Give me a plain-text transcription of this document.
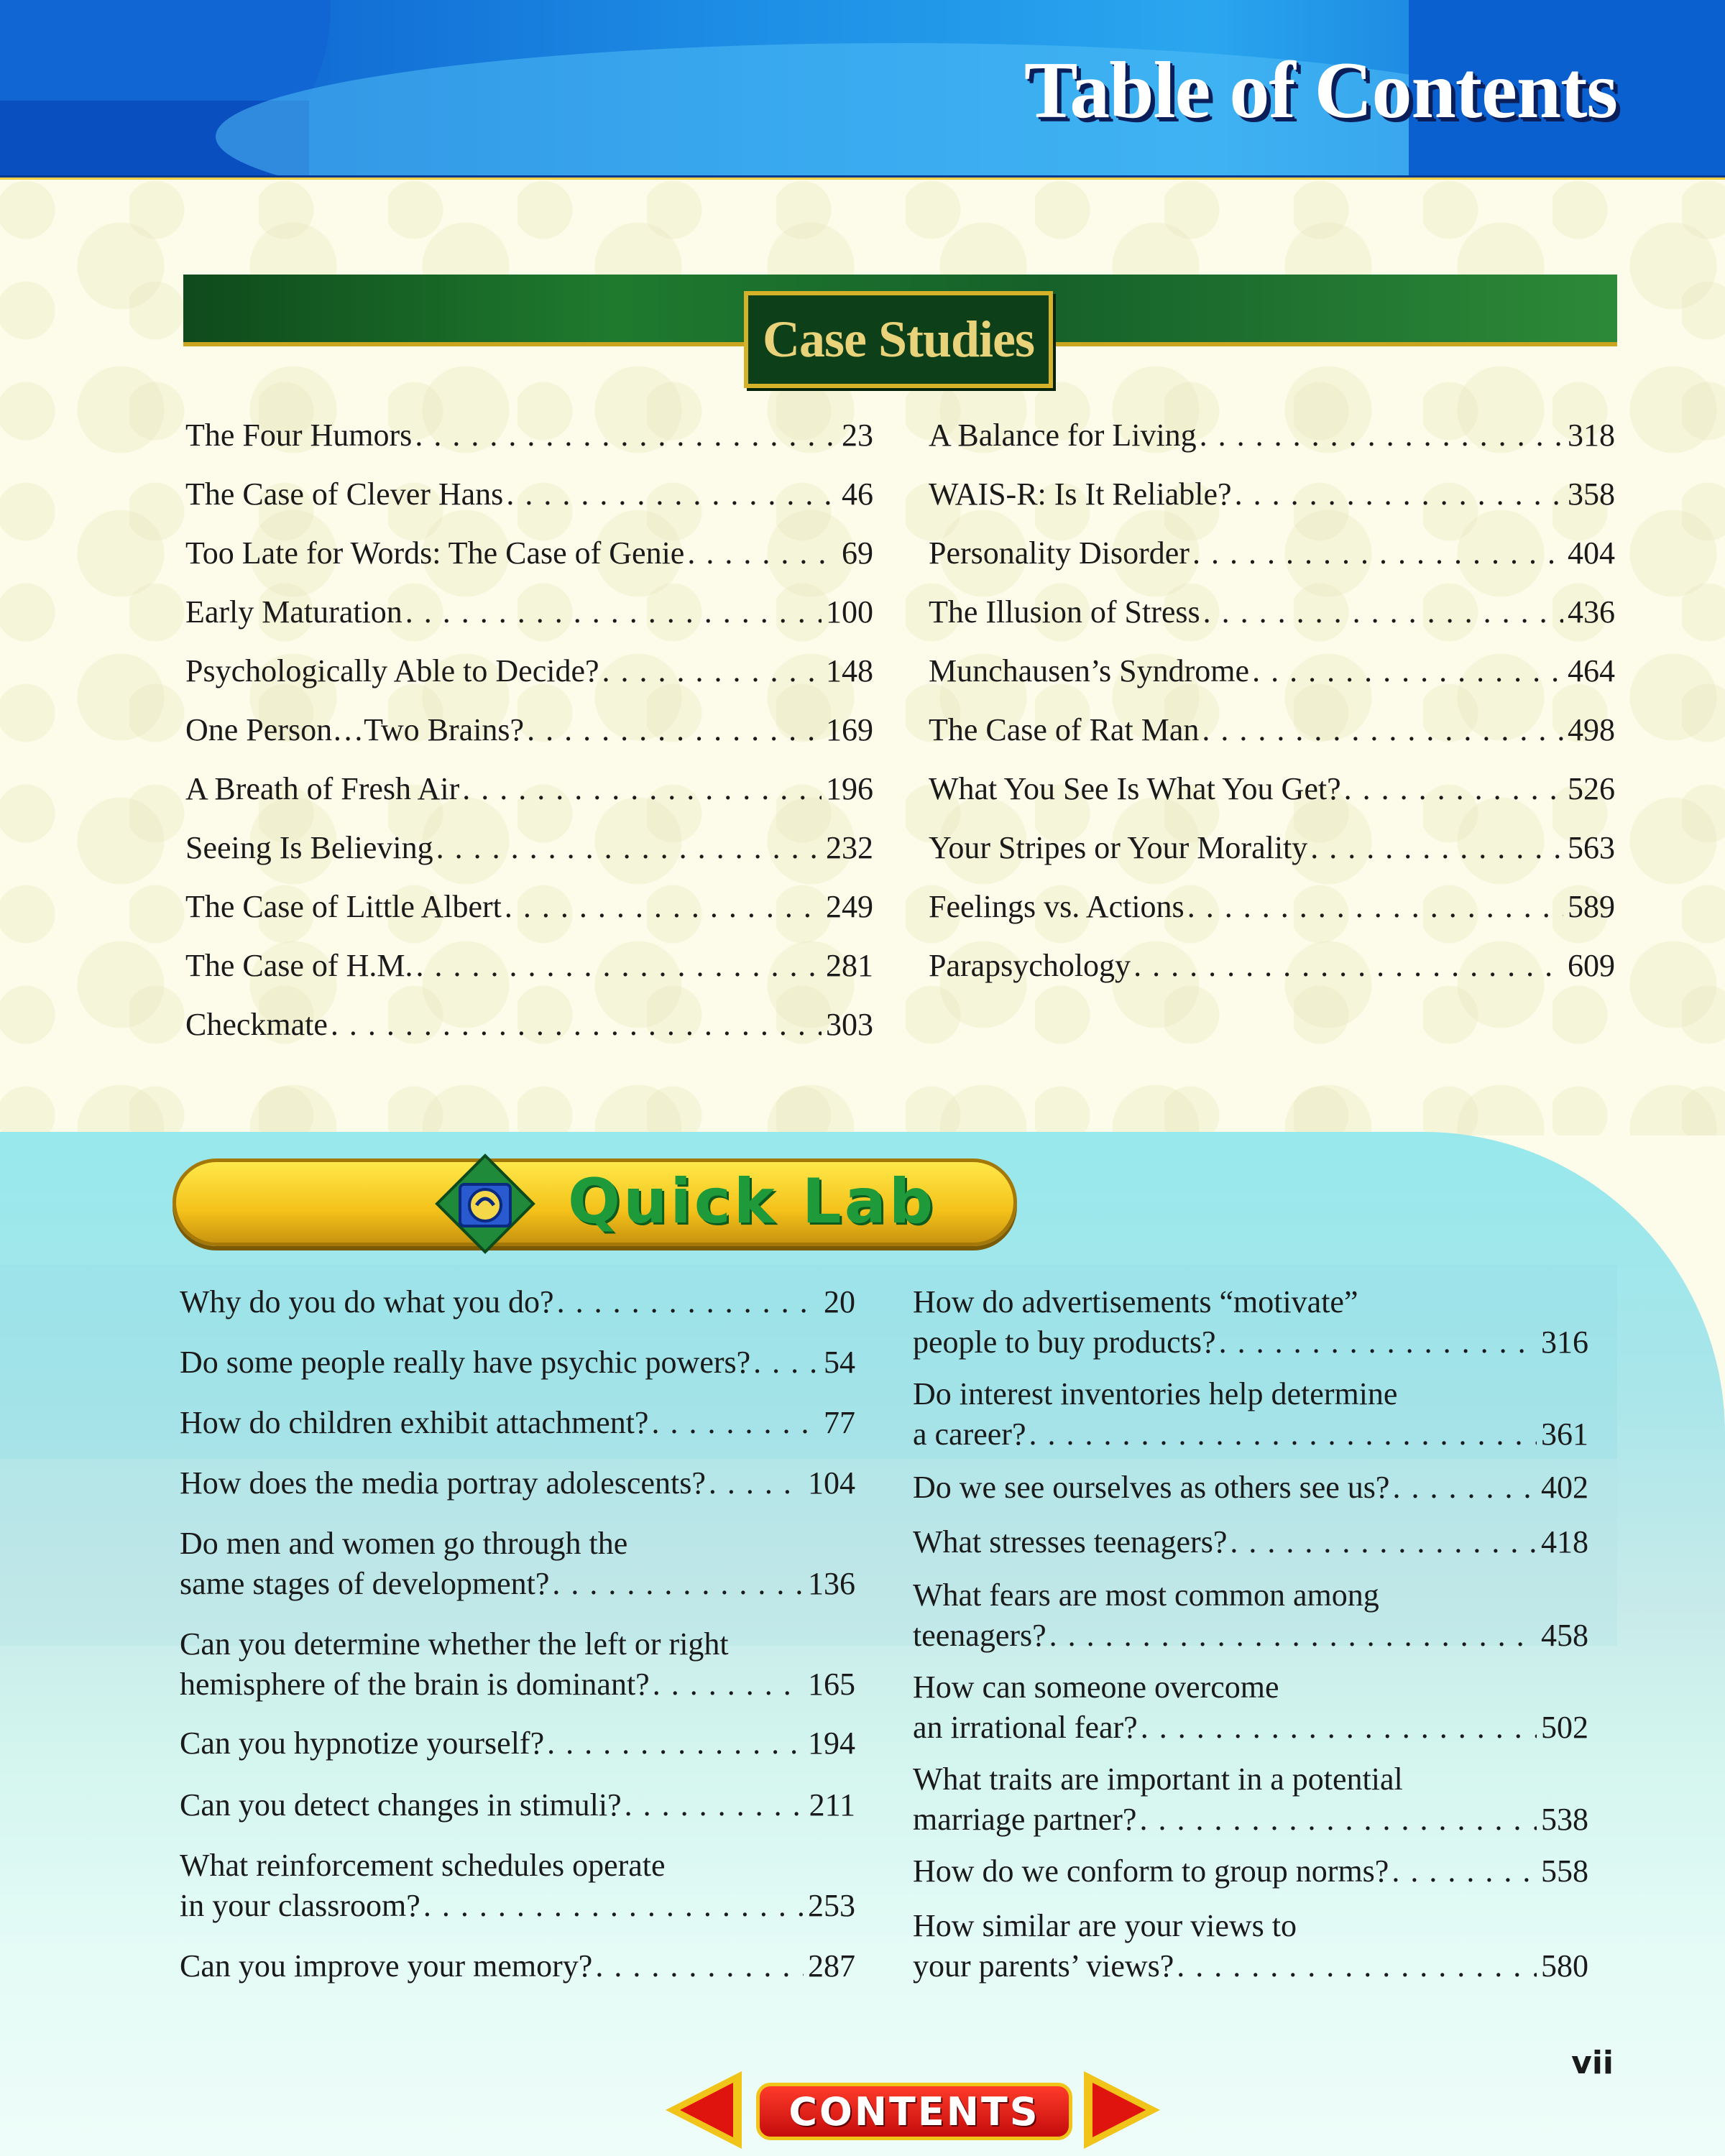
Table of Contents
Case Studies
The Four Humors . . .	23
The Case of Clever Hans . . .	46
Too Late for Words: The Case of Genie . . .	69
Early Maturation . . .	100
Psychologically Able to Decide? . . .	148
One Person…Two Brains? . . .	169
A Breath of Fresh Air . . .	196
Seeing Is Believing . . .	232
The Case of Little Albert . . .	249
The Case of H.M. . . .	281
Checkmate . . .	303
A Balance for Living . . .	318
WAIS-R: Is It Reliable? . . .	358
Personality Disorder . . .	404
The Illusion of Stress . . .	436
Munchausen’s Syndrome . . .	464
The Case of Rat Man . . .	498
What You See Is What You Get? . . .	526
Your Stripes or Your Morality . . .	563
Feelings vs. Actions . . .	589
Parapsychology . . .	609
Quick Lab
Why do you do what you do? . . .	20
Do some people really have psychic powers? . . . 54
How do children exhibit attachment? . . .	77
How does the media portray adolescents? . . .	104
Do men and women go through the
same stages of development? . . .	136
Can you determine whether the left or right
hemisphere of the brain is dominant? . . .	165
Can you hypnotize yourself? . . .	194
Can you detect changes in stimuli? . . .	211
What reinforcement schedules operate
in your classroom? . . .	253
Can you improve your memory? . . .	287
How do advertisements “motivate”
people to buy products? . . .	316
Do interest inventories help determine
a career? . . .	361
Do we see ourselves as others see us? . . .	402
What stresses teenagers? . . .	418
What fears are most common among
teenagers? . . .	458
How can someone overcome
an irrational fear? . . .	502
What traits are important in a potential
marriage partner? . . .	538
How do we conform to group norms? . . .	558
How similar are your views to
your parents’ views? . . .	580
vii
CONTENTS
